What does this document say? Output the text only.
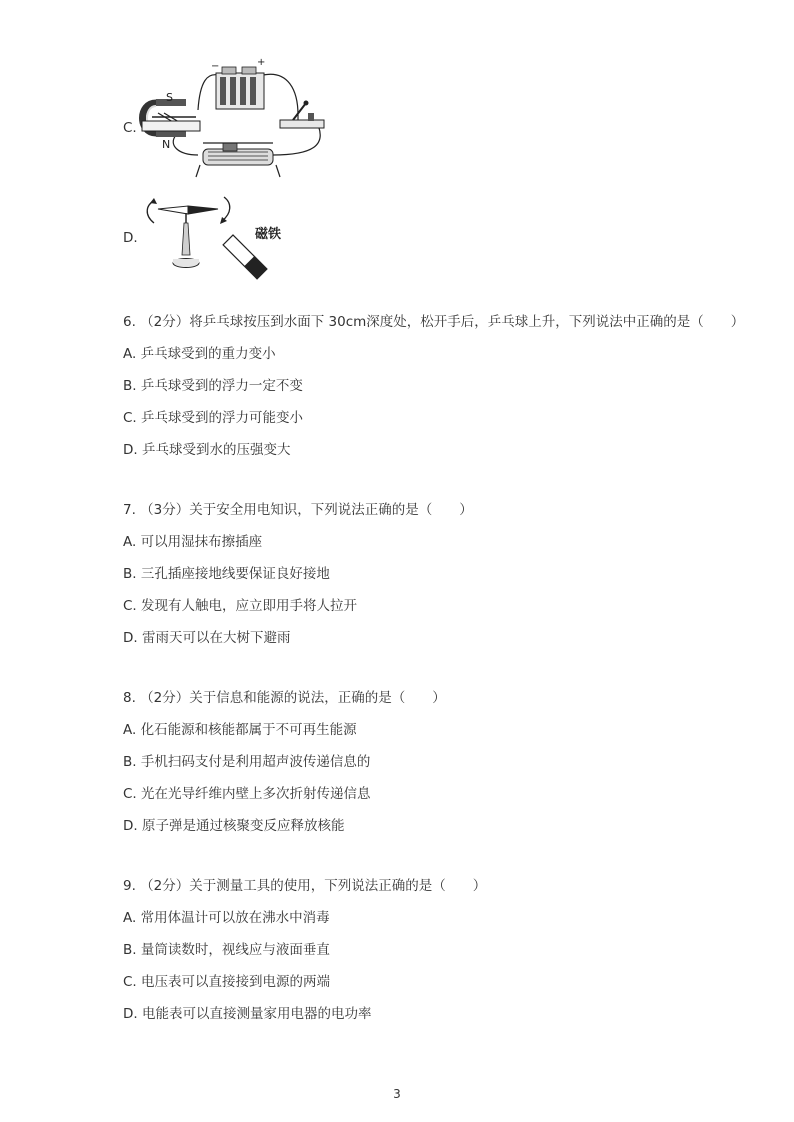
C.
−	+
S
N
D.	磁铁
6. （2分）将乒乓球按压到水面下 30cm深度处，松开手后，乒乓球上升，下列说法中正确的是（　　）
A. 乒乓球受到的重力变小
B. 乒乓球受到的浮力一定不变
C. 乒乓球受到的浮力可能变小
D. 乒乓球受到水的压强变大
7. （3分）关于安全用电知识，下列说法正确的是（　　）
A. 可以用湿抹布擦插座
B. 三孔插座接地线要保证良好接地
C. 发现有人触电，应立即用手将人拉开
D. 雷雨天可以在大树下避雨
8. （2分）关于信息和能源的说法，正确的是（　　）
A. 化石能源和核能都属于不可再生能源
B. 手机扫码支付是利用超声波传递信息的
C. 光在光导纤维内壁上多次折射传递信息
D. 原子弹是通过核聚变反应释放核能
9. （2分）关于测量工具的使用，下列说法正确的是（　　）
A. 常用体温计可以放在沸水中消毒
B. 量筒读数时，视线应与液面垂直
C. 电压表可以直接接到电源的两端
D. 电能表可以直接测量家用电器的电功率
3
